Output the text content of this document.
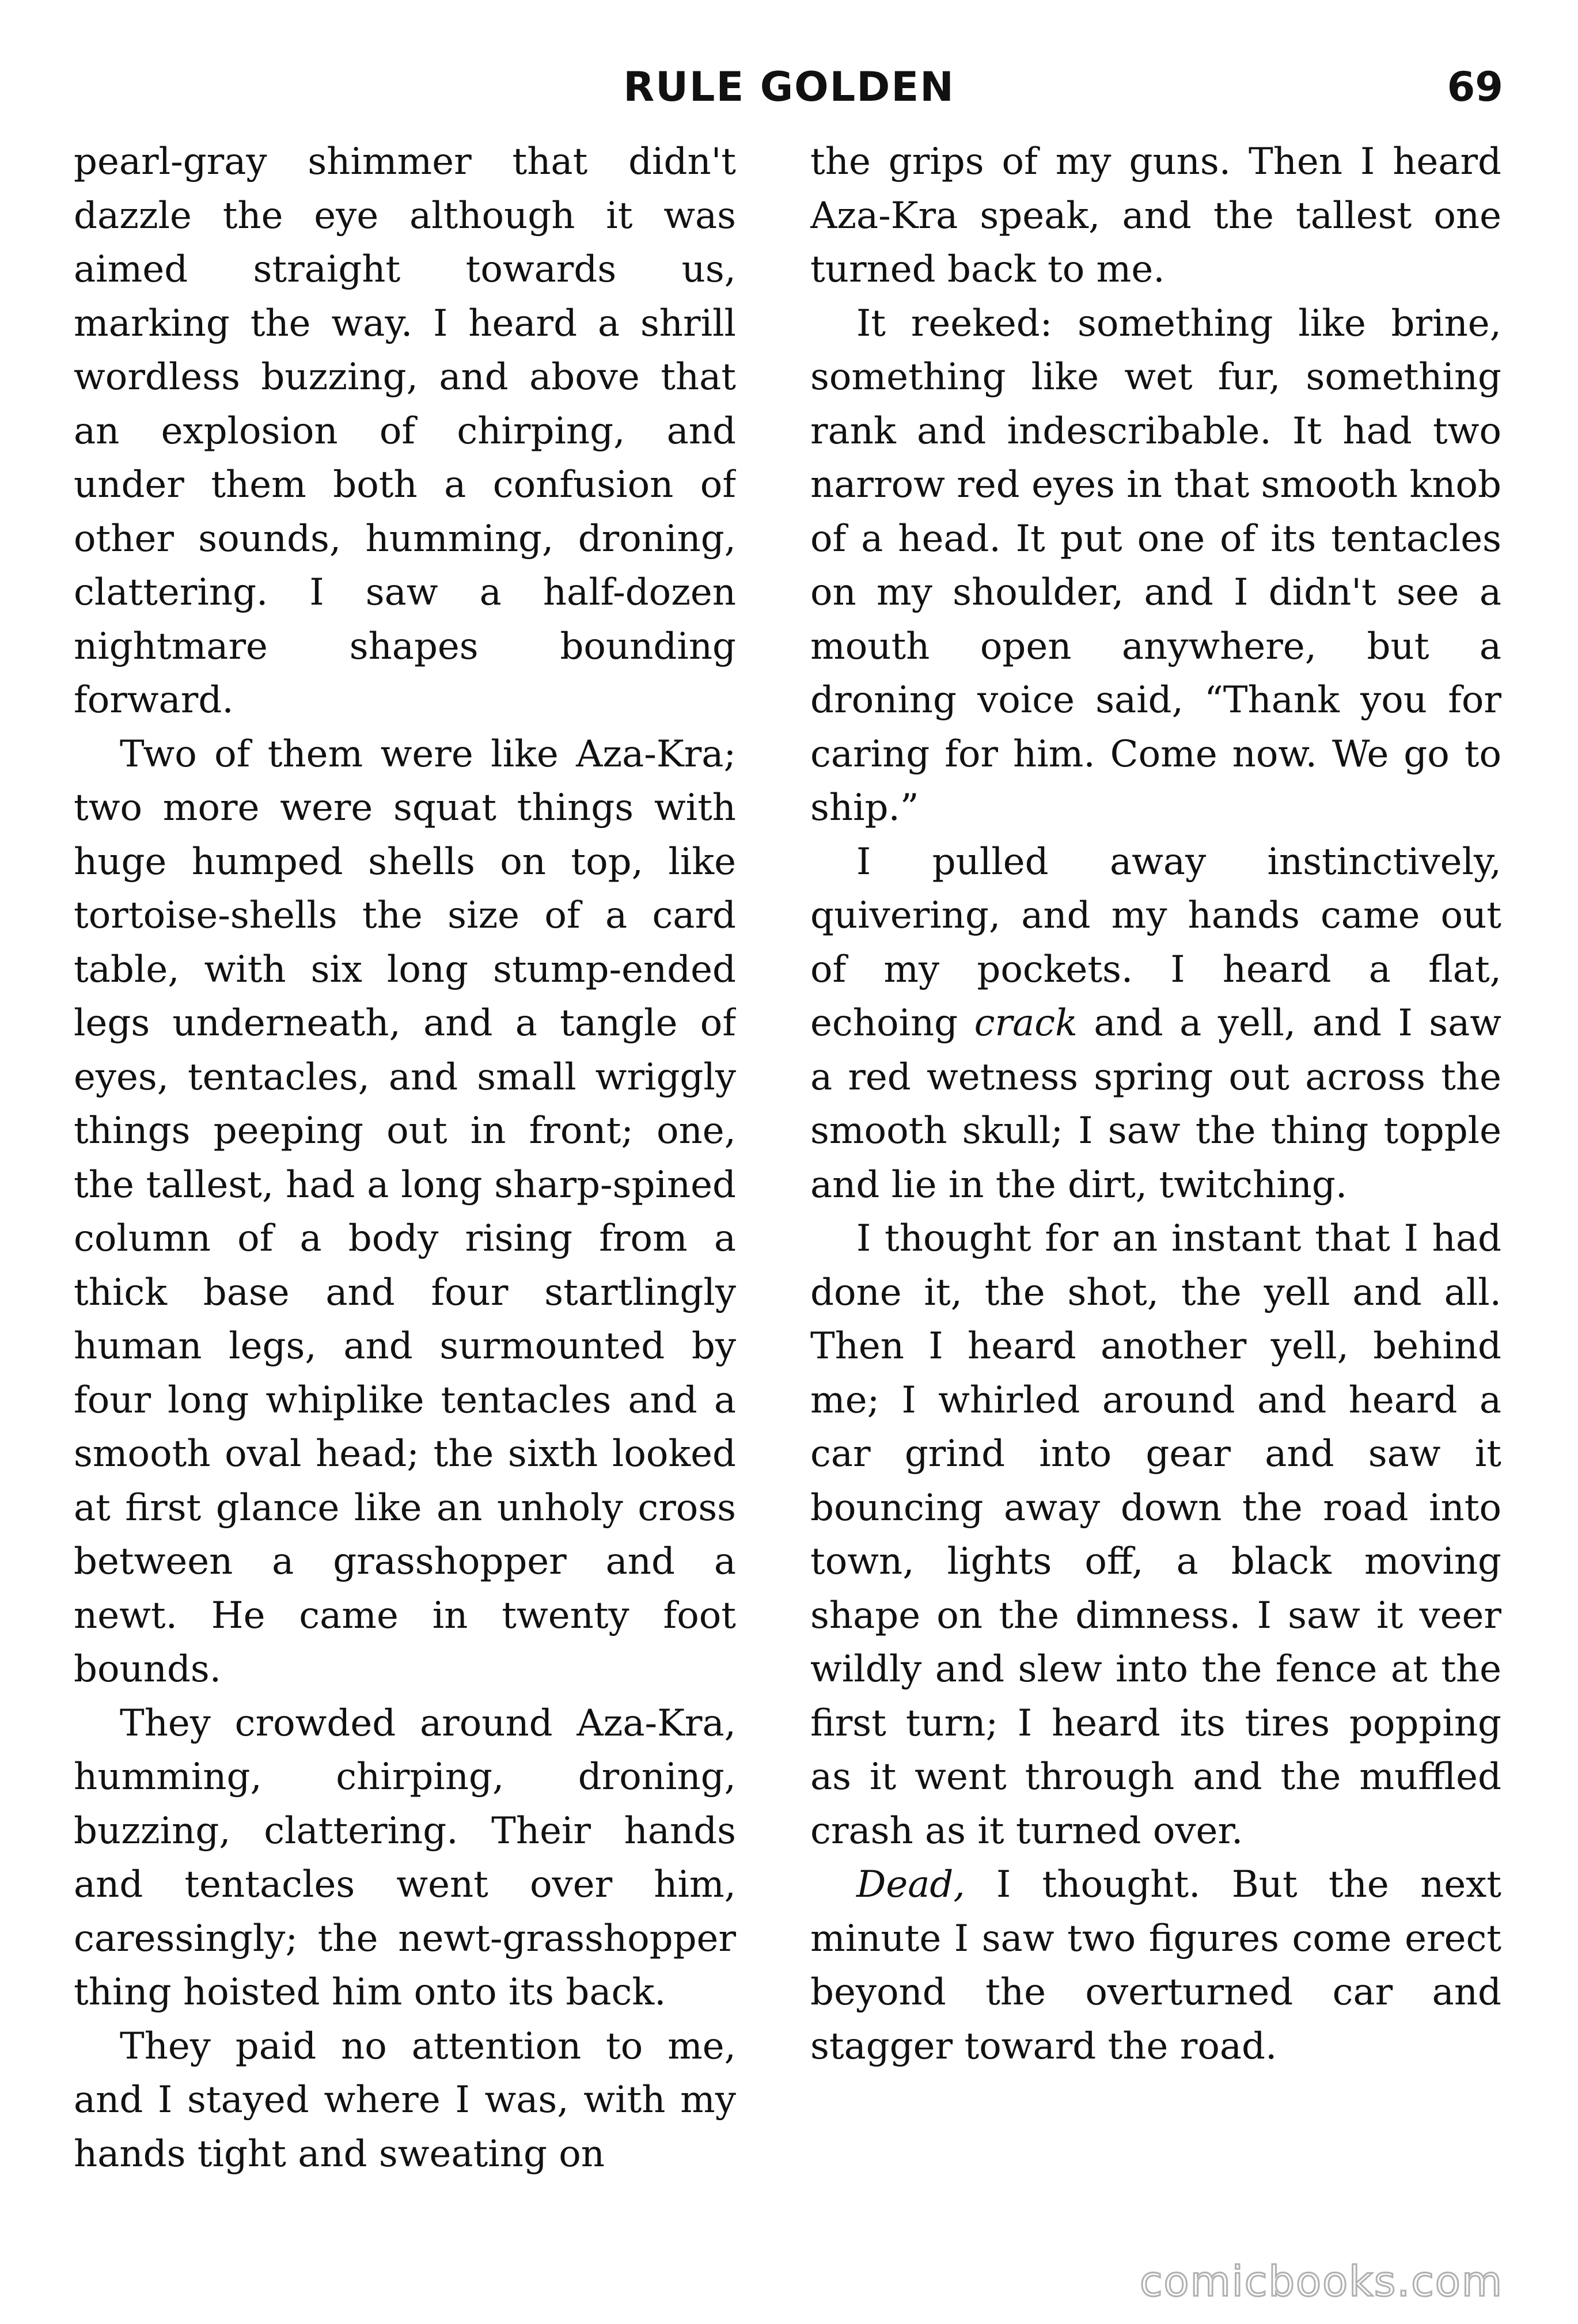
RULE GOLDEN	69

pearl-gray shimmer that didn't dazzle the eye although it was aimed straight towards us, marking the way. I heard a shrill wordless buzzing, and above that an explosion of chirping, and under them both a confusion of other sounds, humming, droning, clattering. I saw a half-dozen nightmare shapes bounding forward.

Two of them were like Aza-Kra; two more were squat things with huge humped shells on top, like tortoise-shells the size of a card table, with six long stump-ended legs underneath, and a tangle of eyes, tentacles, and small wriggly things peeping out in front; one, the tallest, had a long sharp-spined column of a body rising from a thick base and four startlingly human legs, and surmounted by four long whiplike tentacles and a smooth oval head; the sixth looked at first glance like an unholy cross between a grasshopper and a newt. He came in twenty foot bounds.

They crowded around Aza-Kra, humming, chirping, droning, buzzing, clattering. Their hands and tentacles went over him, caressingly; the newt-grasshopper thing hoisted him onto its back.

They paid no attention to me, and I stayed where I was, with my hands tight and sweating on

the grips of my guns. Then I heard Aza-Kra speak, and the tallest one turned back to me.

It reeked: something like brine, something like wet fur, something rank and indescribable. It had two narrow red eyes in that smooth knob of a head. It put one of its tentacles on my shoulder, and I didn't see a mouth open anywhere, but a droning voice said, “Thank you for caring for him. Come now. We go to ship.”

I pulled away instinctively, quivering, and my hands came out of my pockets. I heard a flat, echoing crack and a yell, and I saw a red wetness spring out across the smooth skull; I saw the thing topple and lie in the dirt, twitching.

I thought for an instant that I had done it, the shot, the yell and all. Then I heard another yell, behind me; I whirled around and heard a car grind into gear and saw it bouncing away down the road into town, lights off, a black moving shape on the dimness. I saw it veer wildly and slew into the fence at the first turn; I heard its tires popping as it went through and the muffled crash as it turned over.

Dead, I thought. But the next minute I saw two figures come erect beyond the overturned car and stagger toward the road.

comicbooks.com
